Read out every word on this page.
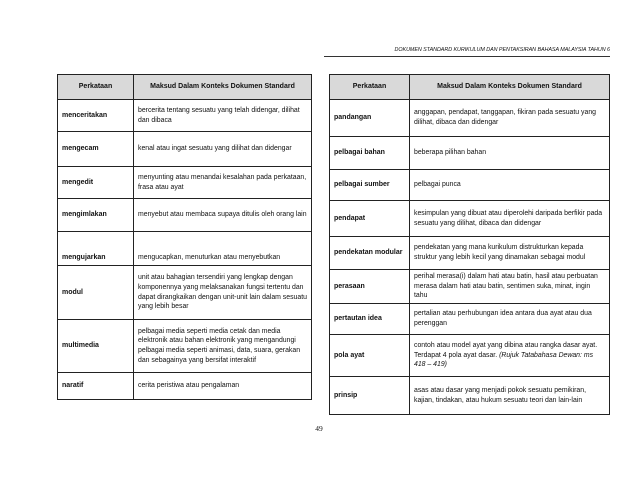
DOKUMEN STANDARD KURIKULUM DAN PENTAKSIRAN BAHASA MALAYSIA TAHUN 6
Perkataan	Maksud Dalam Konteks Dokumen Standard
menceritakan	bercerita tentang sesuatu yang telah didengar, dilihat dan dibaca
mengecam	kenal atau ingat sesuatu yang dilihat dan didengar
mengedit	menyunting atau menandai kesalahan pada perkataan, frasa atau ayat
mengimlakan	menyebut atau membaca supaya ditulis oleh orang lain
mengujarkan	mengucapkan, menuturkan atau menyebutkan
modul	unit atau bahagian tersendiri yang lengkap dengan komponennya yang melaksanakan fungsi tertentu dan dapat dirangkaikan dengan unit-unit lain dalam sesuatu yang lebih besar
multimedia	pelbagai media seperti media cetak dan media elektronik atau bahan elektronik yang mengandungi pelbagai media seperti animasi, data, suara, gerakan dan sebagainya yang bersifat interaktif
naratif	cerita peristiwa atau pengalaman
Perkataan	Maksud Dalam Konteks Dokumen Standard
pandangan	anggapan, pendapat, tanggapan, fikiran pada sesuatu yang dilihat, dibaca dan didengar
pelbagai bahan	beberapa pilihan bahan
pelbagai sumber	pelbagai punca
pendapat	kesimpulan yang dibuat atau diperolehi daripada berfikir pada sesuatu yang dilihat, dibaca dan didengar
pendekatan modular	pendekatan yang mana kurikulum distrukturkan kepada struktur yang lebih kecil yang dinamakan sebagai modul
perasaan	perihal merasa(i) dalam hati atau batin, hasil atau perbuatan merasa dalam hati atau batin, sentimen suka, minat, ingin tahu
pertautan idea	pertalian atau perhubungan idea antara dua ayat atau dua perenggan
pola ayat	contoh atau model ayat yang dibina atau rangka dasar ayat. Terdapat 4 pola ayat dasar. (Rujuk Tatabahasa Dewan: ms 418 – 419)
prinsip	asas atau dasar yang menjadi pokok sesuatu pemikiran, kajian, tindakan, atau hukum sesuatu teori dan lain-lain
49
